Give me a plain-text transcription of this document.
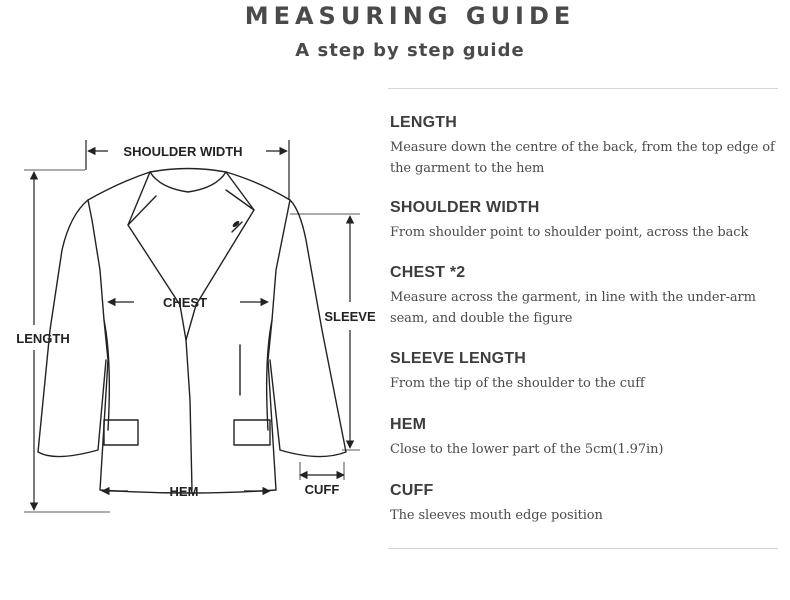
MEASURING GUIDE
A step by step guide
SHOULDER WIDTH
CHEST
LENGTH
SLEEVE
HEM	CUFF
LENGTH
Measure down the centre of the back, from the top edge of the garment to the hem
SHOULDER WIDTH
From shoulder point to shoulder point, across the back
CHEST *2
Measure across the garment, in line with the under-arm seam, and double the figure
SLEEVE LENGTH
From the tip of the shoulder to the cuff
HEM
Close to the lower part of the 5cm(1.97in)
CUFF
The sleeves mouth edge position
